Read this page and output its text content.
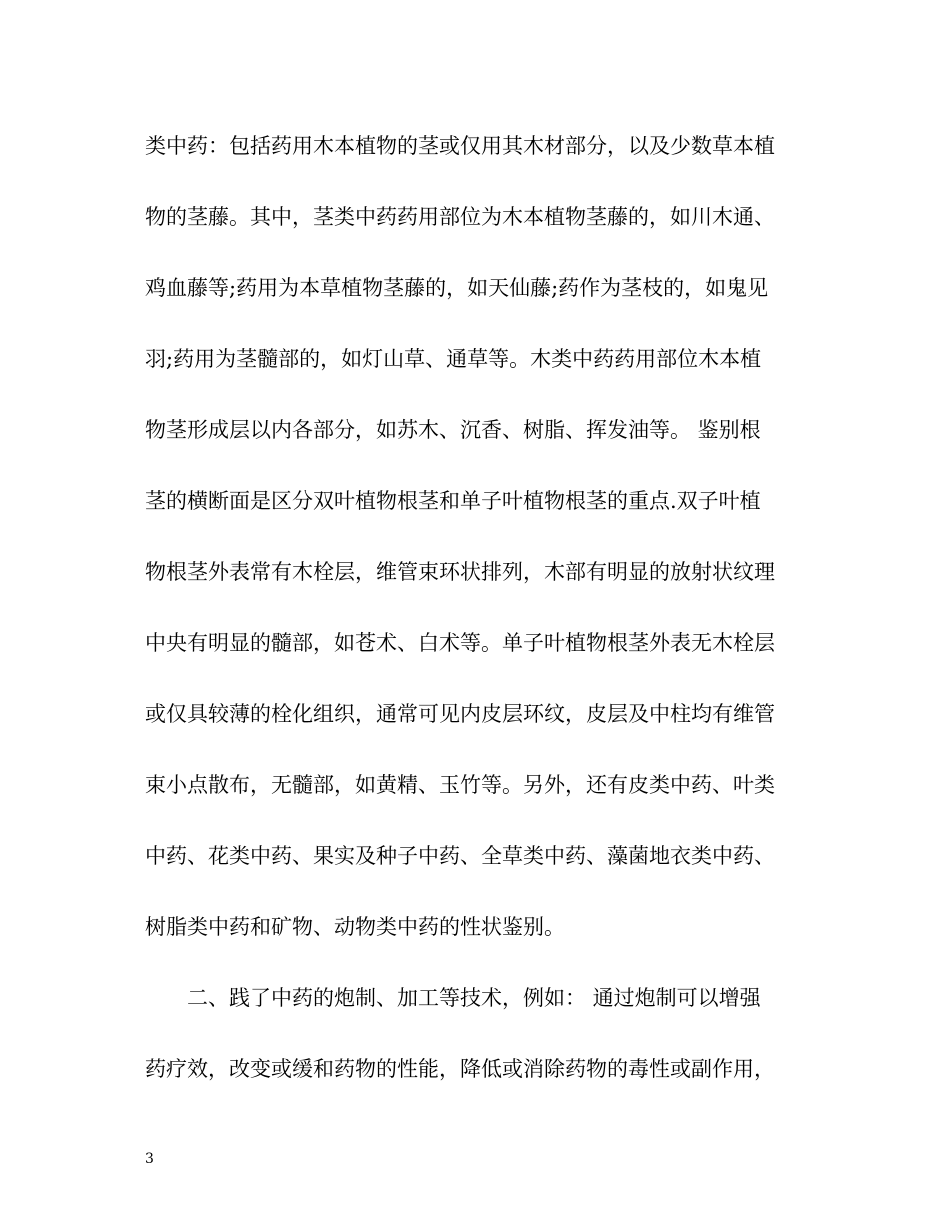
类中药：包括药用木本植物的茎或仅用其木材部分，以及少数草本植
物的茎藤。其中，茎类中药药用部位为木本植物茎藤的，如川木通、
鸡血藤等;药用为本草植物茎藤的，如天仙藤;药作为茎枝的，如鬼见
羽;药用为茎髓部的，如灯山草、通草等。木类中药药用部位木本植
物茎形成层以内各部分，如苏木、沉香、树脂、挥发油等。 鉴别根
茎的横断面是区分双叶植物根茎和单子叶植物根茎的重点.双子叶植
物根茎外表常有木栓层，维管束环状排列，木部有明显的放射状纹理
中央有明显的髓部，如苍术、白术等。单子叶植物根茎外表无木栓层
或仅具较薄的栓化组织，通常可见内皮层环纹，皮层及中柱均有维管
束小点散布，无髓部，如黄精、玉竹等。另外，还有皮类中药、叶类
中药、花类中药、果实及种子中药、全草类中药、藻菌地衣类中药、
树脂类中药和矿物、动物类中药的性状鉴别。
　　二、践了中药的炮制、加工等技术，例如： 通过炮制可以增强
药疗效，改变或缓和药物的性能，降低或消除药物的毒性或副作用，
3
